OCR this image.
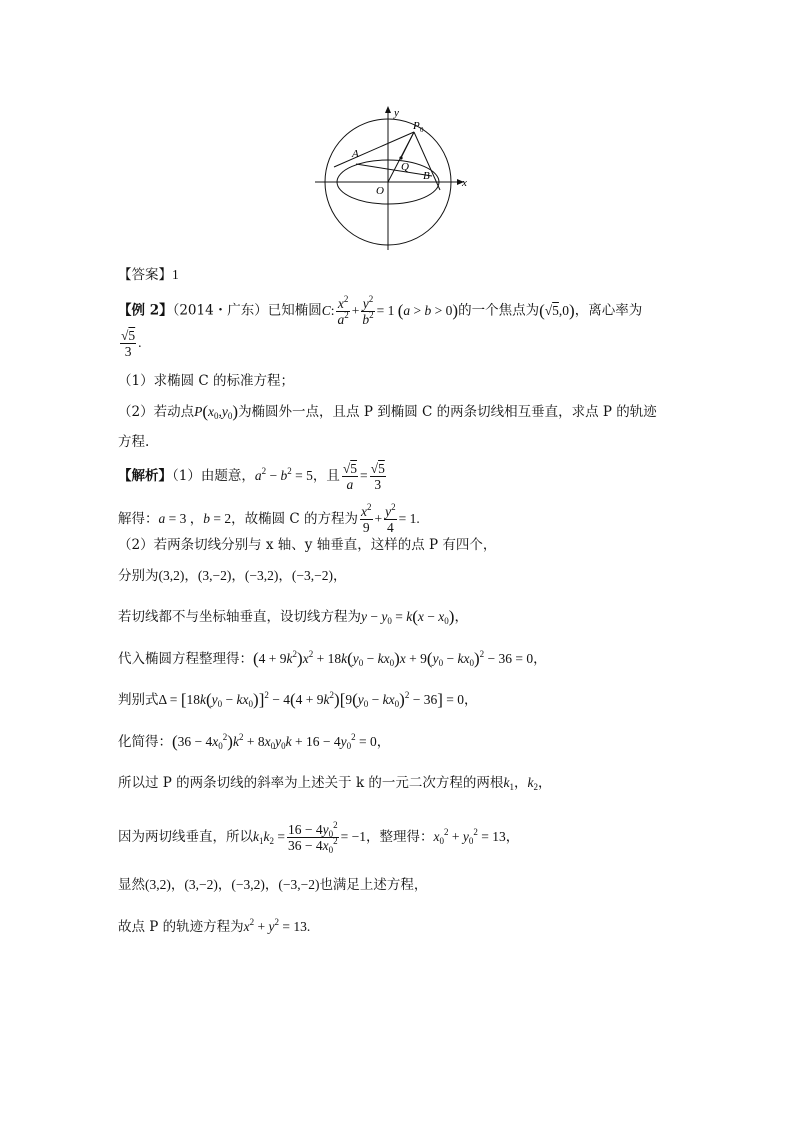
y
x
P 0
A
Q
O
B
【答案】1
【例 2】（2014・广东）已知椭圆C: $\frac{x^2}{a^2} + \frac{y^2}{b^2} = 1$ (a > b > 0)的一个焦点为(√5,0)，离心率为
$\frac{√5}{3}$ .
（1）求椭圆 C 的标准方程；
（2）若动点$P(x_0,y_0)$为椭圆外一点，且点 P 到椭圆 C 的两条切线相互垂直，求点 P 的轨迹
方程.
【解析】（1）由题意，$a^2 - b^2 = 5$，且 $\frac{√5}{a} = \frac{√5}{3}$
解得：a = 3 ，b = 2，故椭圆 C 的方程为 $\frac{x^2}{9} + \frac{y^2}{4} = 1$.
（2）若两条切线分别与 x 轴、y 轴垂直，这样的点 P 有四个，
分别为(3,2)，(3,−2)，(−3,2)，(−3,−2)，
若切线都不与坐标轴垂直，设切线方程为$y - y_0 = k(x - x_0)$，
代入椭圆方程整理得：$(4 + 9k^2)x^2 + 18k(y_0 - kx_0)x + 9(y_0 - kx_0)^2 - 36 = 0$，
判别式$\Delta = [18k(y_0 - kx_0)]^2 - 4(4 + 9k^2)[9(y_0 - kx_0)^2 - 36] = 0$，
化简得：$(36 - 4x_0^2)k^2 + 8x_0y_0k + 16 - 4y_0^2 = 0$，
所以过 P 的两条切线的斜率为上述关于 k 的一元二次方程的两根$k_1$，$k_2$，
因为两切线垂直，所以$k_1k_2 = \frac{16 - 4y_0^2}{36 - 4x_0^2} = -1$，整理得：$x_0^2 + y_0^2 = 13$，
显然(3,2)，(3,−2)，(−3,2)，(−3,−2)也满足上述方程，
故点 P 的轨迹方程为$x^2 + y^2 = 13$.
